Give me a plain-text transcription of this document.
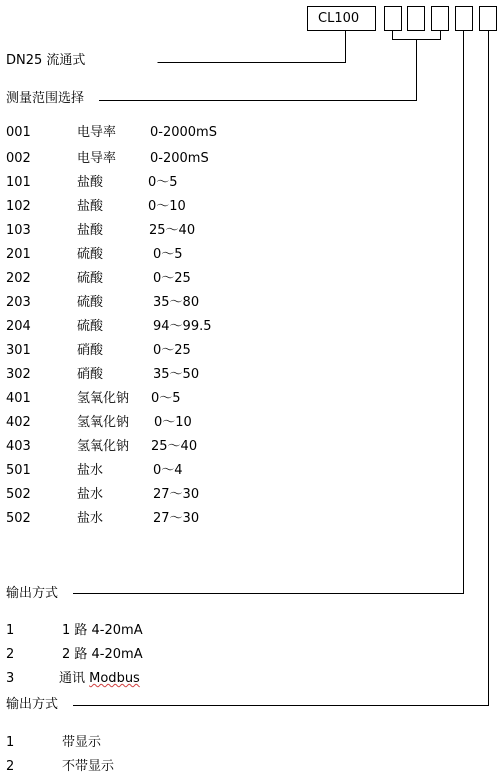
CL100
DN25 流通式
测量范围选择
001	电导率	0-2000mS
002	电导率	0-200mS
101	盐酸	0～5
102	盐酸	0～10
103	盐酸	25～40
201	硫酸	0～5
202	硫酸	0～25
203	硫酸	35～80
204	硫酸	94～99.5
301	硝酸	0～25
302	硝酸	35～50
401	氢氧化钠 0～5
402	氢氧化钠 0～10
403	氢氧化钠 25～40
501	盐水	0～4
502	盐水	27～30
502	盐水	27～30
输出方式
1	1 路 4-20mA
2	2 路 4-20mA
3	通讯 Modbus
输出方式
1	带显示
2	不带显示
